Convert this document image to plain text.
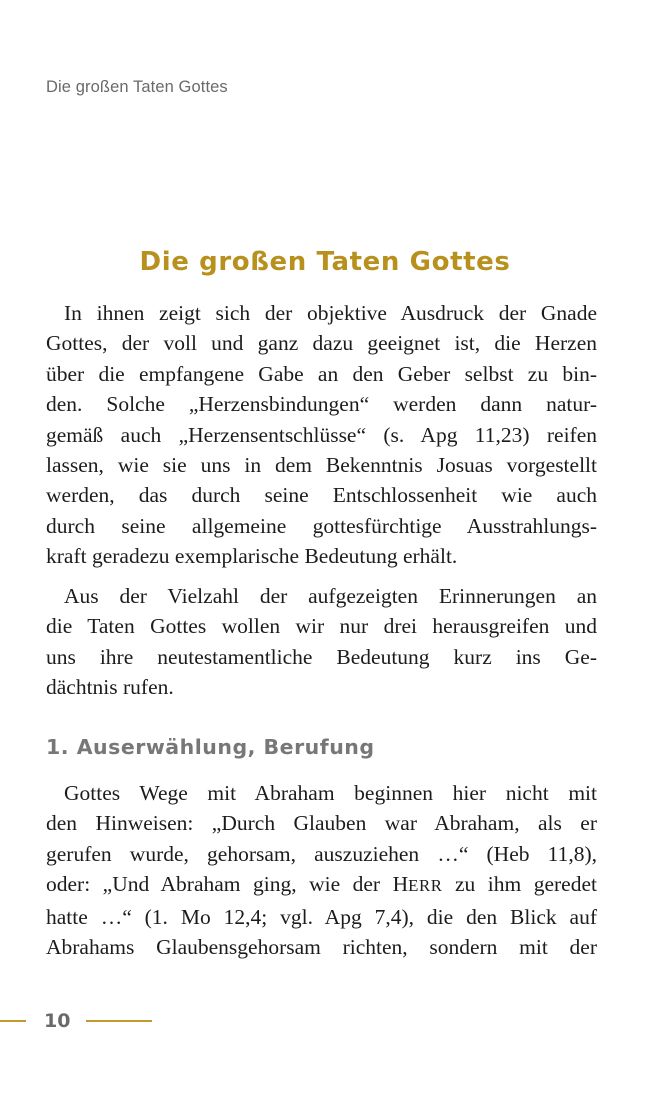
Die großen Taten Gottes
Die großen Taten Gottes
In ihnen zeigt sich der objektive Ausdruck der Gnade
Gottes, der voll und ganz dazu geeignet ist, die Herzen
über die empfangene Gabe an den Geber selbst zu bin-
den. Solche „Herzensbindungen“ werden dann natur-
gemäß auch „Herzensentschlüsse“ (s. Apg 11,23) reifen
lassen, wie sie uns in dem Bekenntnis Josuas vorgestellt
werden, das durch seine Entschlossenheit wie auch
durch seine allgemeine gottesfürchtige Ausstrahlungs-
kraft geradezu exemplarische Bedeutung erhält.
Aus der Vielzahl der aufgezeigten Erinnerungen an
die Taten Gottes wollen wir nur drei herausgreifen und
uns ihre neutestamentliche Bedeutung kurz ins Ge-
dächtnis rufen.
1. Auserwählung, Berufung
Gottes Wege mit Abraham beginnen hier nicht mit
den Hinweisen: „Durch Glauben war Abraham, als er
gerufen wurde, gehorsam, auszuziehen …“ (Heb 11,8),
oder: „Und Abraham ging, wie der HERR zu ihm geredet
hatte …“ (1. Mo 12,4; vgl. Apg 7,4), die den Blick auf
Abrahams Glaubensgehorsam richten, sondern mit der
10
